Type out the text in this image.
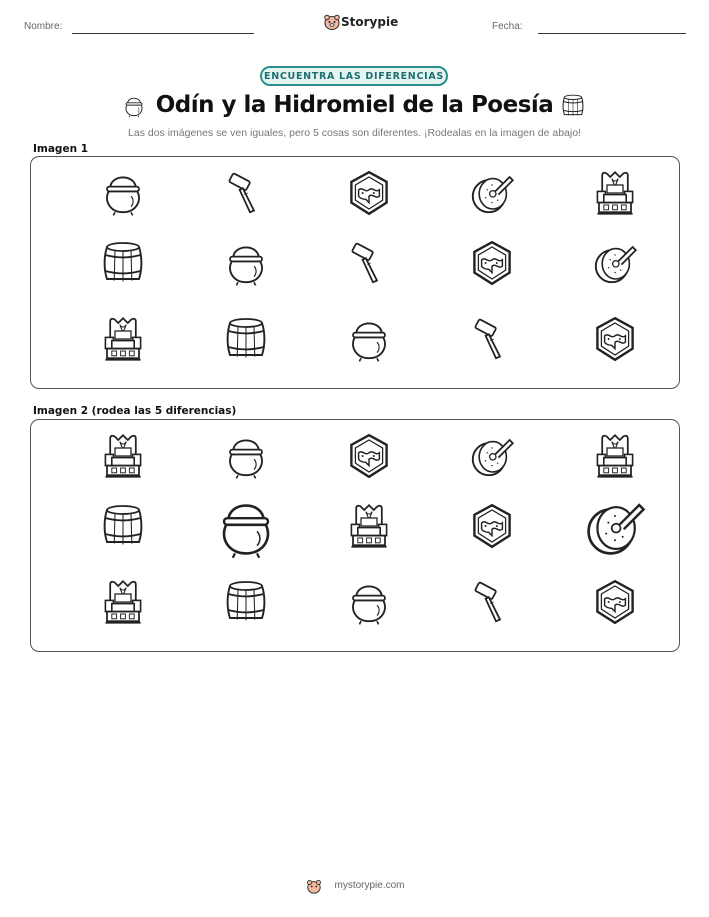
Nombre:	Storypie	Fecha:
ENCUENTRA LAS DIFERENCIAS
Odín y la Hidromiel de la Poesía
Las dos imágenes se ven iguales, pero 5 cosas son diferentes. ¡Rodealas en la imagen de abajo!
Imagen 1
Imagen 2 (rodea las 5 diferencias)
mystorypie.com
